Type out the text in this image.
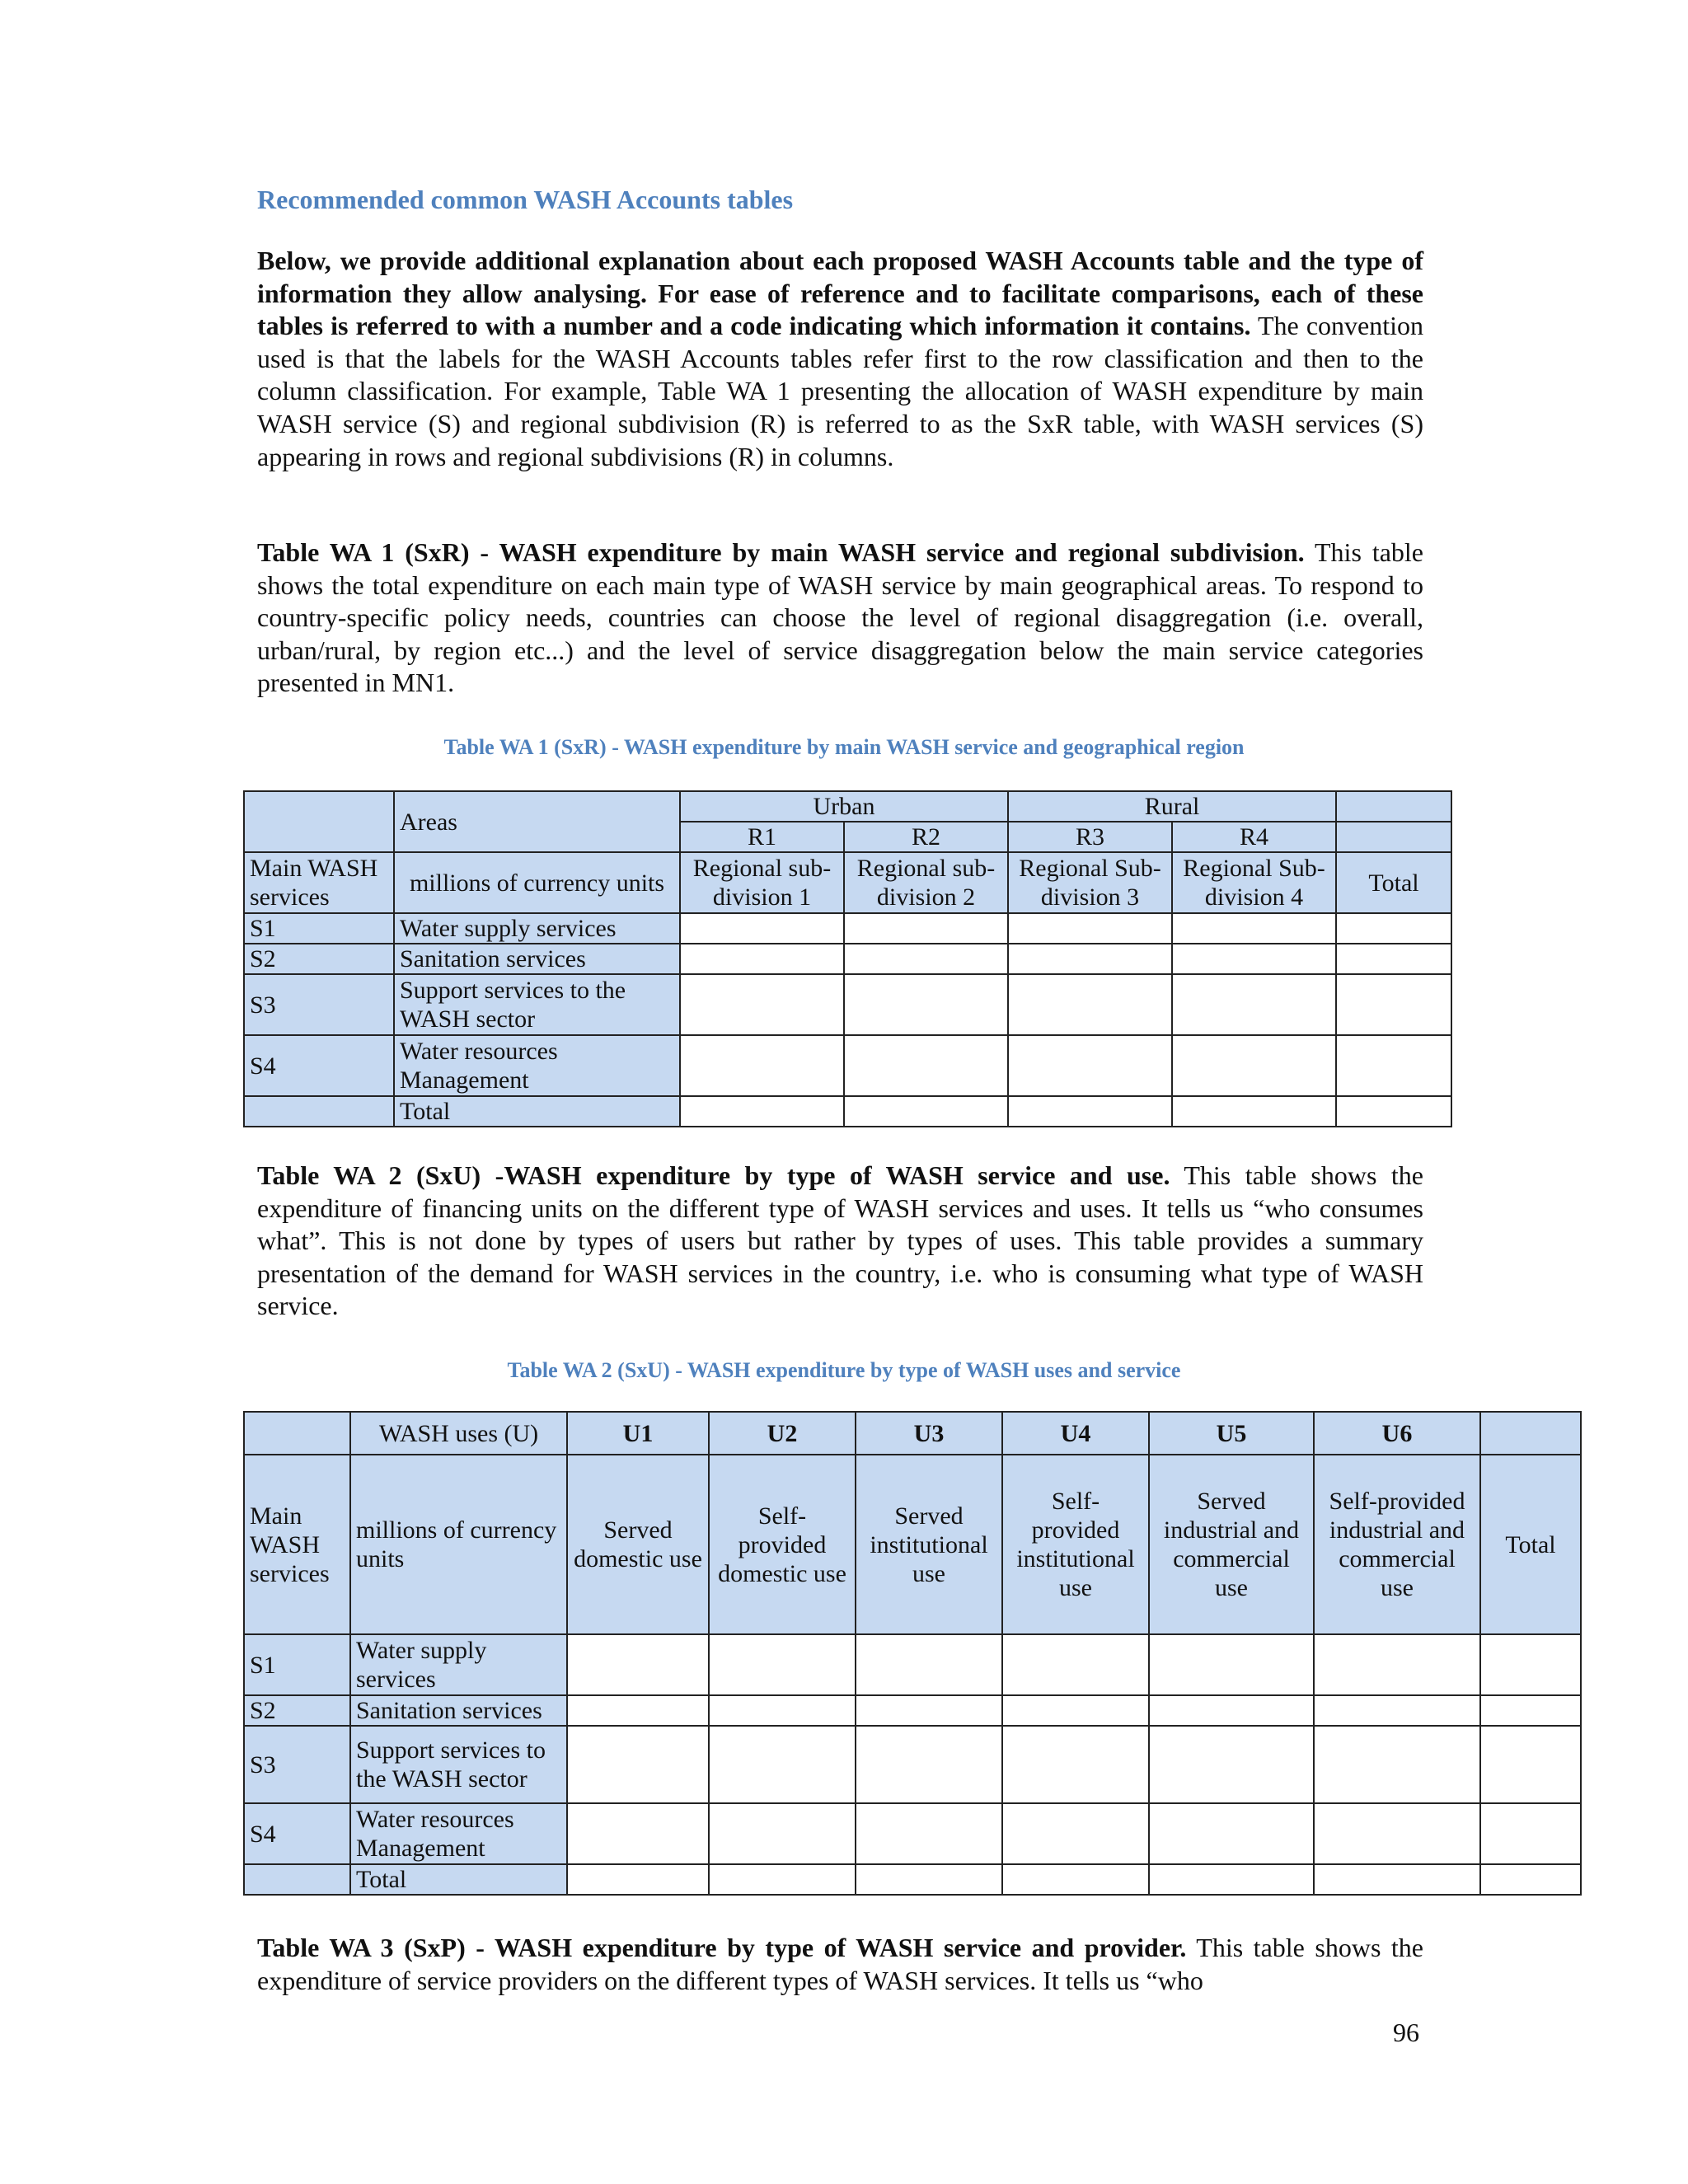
Recommended common WASH Accounts tables

Below, we provide additional explanation about each proposed WASH Accounts table and the type of information they allow analysing. For ease of reference and to facilitate comparisons, each of these tables is referred to with a number and a code indicating which information it contains. The convention used is that the labels for the WASH Accounts tables refer first to the row classification and then to the column classification. For example, Table WA 1 presenting the allocation of WASH expenditure by main WASH service (S) and regional subdivision (R) is referred to as the SxR table, with WASH services (S) appearing in rows and regional subdivisions (R) in columns.

Table WA 1 (SxR) - WASH expenditure by main WASH service and regional subdivision. This table shows the total expenditure on each main type of WASH service by main geographical areas. To respond to country-specific policy needs, countries can choose the level of regional disaggregation (i.e. overall, urban/rural, by region etc...) and the level of service disaggregation below the main service categories presented in MN1.

Table WA 1 (SxR) - WASH expenditure by main WASH service and geographical region
	Areas	Urban		Rural		
		R1	R2	R3	R4	
Main WASH services	millions of currency units	Regional sub-division 1	Regional sub-division 2	Regional Sub-division 3	Regional Sub-division 4	Total
S1	Water supply services					
S2	Sanitation services					
S3	Support services to the WASH sector					
S4	Water resources Management					
	Total					

Table WA 2 (SxU) -WASH expenditure by type of WASH service and use. This table shows the expenditure of financing units on the different type of WASH services and uses. It tells us “who consumes what”. This is not done by types of users but rather by types of uses. This table provides a summary presentation of the demand for WASH services in the country, i.e. who is consuming what type of WASH service.

Table WA 2 (SxU) - WASH expenditure by type of WASH uses and service
	WASH uses (U)	U1	U2	U3	U4	U5	U6	
Main WASH services	millions of currency units	Served domestic use	Self-provided domestic use	Served institutional use	Self-provided institutional use	Served industrial and commercial use	Self-provided industrial and commercial use	Total
S1	Water supply services							
S2	Sanitation services							
S3	Support services to the WASH sector							
S4	Water resources Management							
	Total							

Table WA 3 (SxP) - WASH expenditure by type of WASH service and provider. This table shows the expenditure of service providers on the different types of WASH services. It tells us “who

96
